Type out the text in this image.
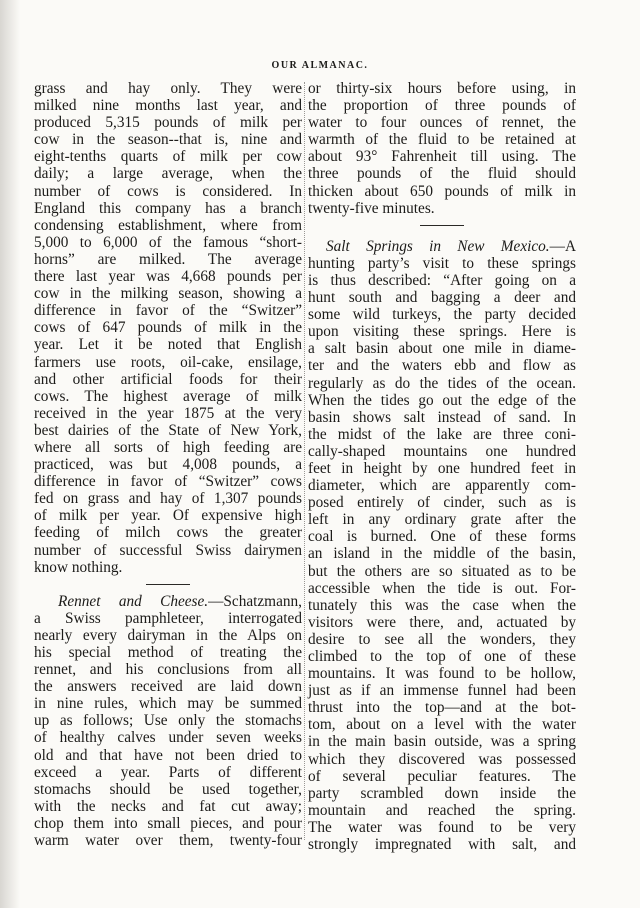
OUR ALMANAC.
grass and hay only. They were
milked nine months last year, and
produced 5,315 pounds of milk per
cow in the season--that is, nine and
eight-tenths quarts of milk per cow
daily; a large average, when the
number of cows is considered. In
England this company has a branch
condensing establishment, where from
5,000 to 6,000 of the famous “short-
horns” are milked. The average
there last year was 4,668 pounds per
cow in the milking season, showing a
difference in favor of the “Switzer”
cows of 647 pounds of milk in the
year. Let it be noted that English
farmers use roots, oil-cake, ensilage,
and other artificial foods for their
cows. The highest average of milk
received in the year 1875 at the very
best dairies of the State of New York,
where all sorts of high feeding are
practiced, was but 4,008 pounds, a
difference in favor of “Switzer” cows
fed on grass and hay of 1,307 pounds
of milk per year. Of expensive high
feeding of milch cows the greater
number of successful Swiss dairymen
know nothing.
Rennet and Cheese.—Schatzmann,
a Swiss pamphleteer, interrogated
nearly every dairyman in the Alps on
his special method of treating the
rennet, and his conclusions from all
the answers received are laid down
in nine rules, which may be summed
up as follows; Use only the stomachs
of healthy calves under seven weeks
old and that have not been dried to
exceed a year. Parts of different
stomachs should be used together,
with the necks and fat cut away;
chop them into small pieces, and pour
warm water over them, twenty-four
or thirty-six hours before using, in
the proportion of three pounds of
water to four ounces of rennet, the
warmth of the fluid to be retained at
about 93° Fahrenheit till using. The
three pounds of the fluid should
thicken about 650 pounds of milk in
twenty-five minutes.
Salt Springs in New Mexico.—A
hunting party’s visit to these springs
is thus described: “After going on a
hunt south and bagging a deer and
some wild turkeys, the party decided
upon visiting these springs. Here is
a salt basin about one mile in diame-
ter and the waters ebb and flow as
regularly as do the tides of the ocean.
When the tides go out the edge of the
basin shows salt instead of sand. In
the midst of the lake are three coni-
cally-shaped mountains one hundred
feet in height by one hundred feet in
diameter, which are apparently com-
posed entirely of cinder, such as is
left in any ordinary grate after the
coal is burned. One of these forms
an island in the middle of the basin,
but the others are so situated as to be
accessible when the tide is out. For-
tunately this was the case when the
visitors were there, and, actuated by
desire to see all the wonders, they
climbed to the top of one of these
mountains. It was found to be hollow,
just as if an immense funnel had been
thrust into the top—and at the bot-
tom, about on a level with the water
in the main basin outside, was a spring
which they discovered was possessed
of several peculiar features. The
party scrambled down inside the
mountain and reached the spring.
The water was found to be very
strongly impregnated with salt, and
